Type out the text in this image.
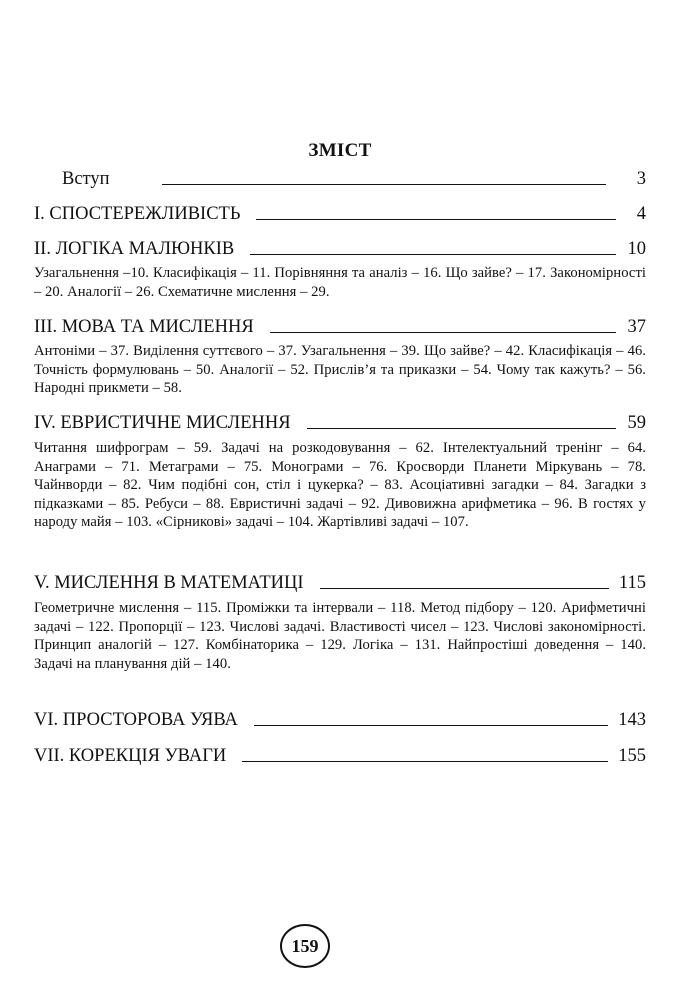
ЗМІСТ
Вступ	3
I. СПОСТЕРЕЖЛИВІСТЬ	4
II. ЛОГІКА МАЛЮНКІВ	10
Узагальнення –10. Класифікація – 11. Порівняння та аналіз – 16. Що зайве? – 17. Закономірності – 20. Аналогії – 26. Схематичне мислення – 29.
III. МОВА ТА МИСЛЕННЯ	37
Антоніми – 37. Виділення суттєвого – 37. Узагальнення – 39. Що зайве? – 42. Класифікація – 46. Точність формулювань – 50. Аналогії – 52. Прислів’я та приказки – 54. Чому так кажуть? – 56. Народні прикмети – 58.
IV. ЕВРИСТИЧНЕ МИСЛЕННЯ	59
Читання шифрограм – 59. Задачі на розкодовування – 62. Інтелектуальний тренінг – 64. Анаграми – 71. Метаграми – 75. Монограми – 76. Кросворди Планети Міркувань – 78. Чайнворди – 82. Чим подібні сон, стіл і цукерка? – 83. Асоціативні загадки – 84. Загадки з підказками – 85. Ребуси – 88. Евристичні задачі – 92. Дивовижна арифметика – 96. В гостях у народу майя – 103. «Сірникові» задачі – 104. Жартівливі задачі – 107.
V. МИСЛЕННЯ В МАТЕМАТИЦІ	115
Геометричне мислення – 115. Проміжки та інтервали – 118. Метод підбору – 120. Арифметичні задачі – 122. Пропорції – 123. Числові задачі. Властивості чисел – 123. Числові закономірності. Принцип аналогій – 127. Комбінаторика – 129. Логіка – 131. Найпростіші доведення – 140. Задачі на планування дій – 140.
VI. ПРОСТОРОВА УЯВА	143
VII. КОРЕКЦІЯ УВАГИ	155
159
